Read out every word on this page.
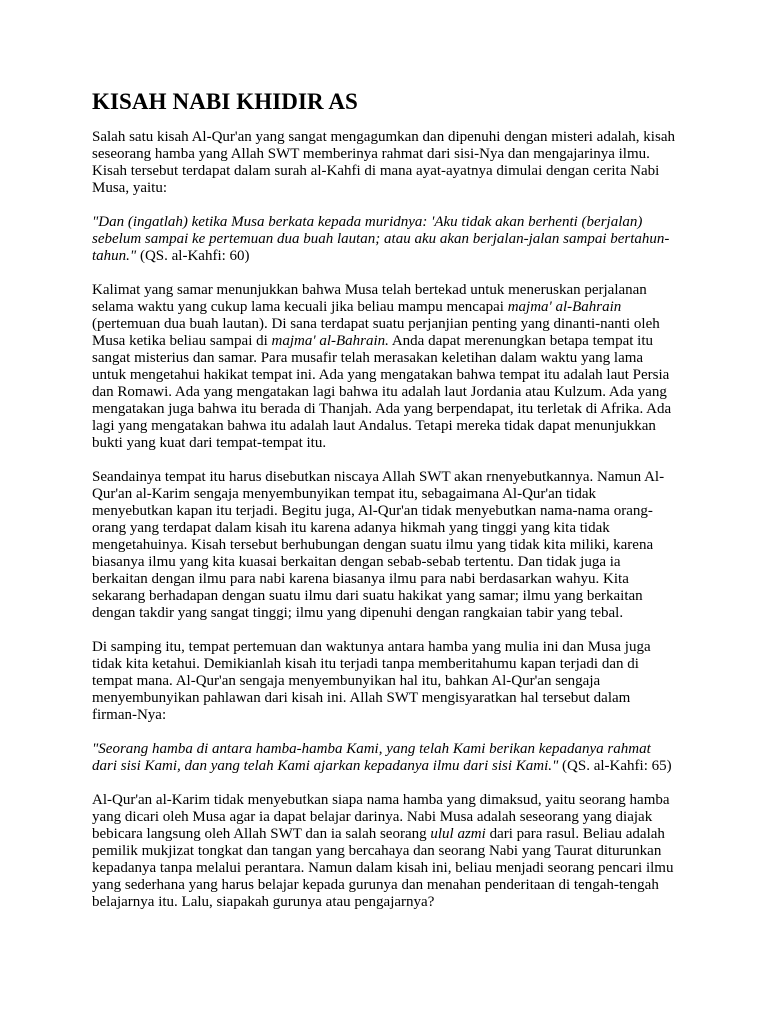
KISAH NABI KHIDIR AS

Salah satu kisah Al-Qur'an yang sangat mengagumkan dan dipenuhi dengan misteri adalah, kisah seseorang hamba yang Allah SWT memberinya rahmat dari sisi-Nya dan mengajarinya ilmu. Kisah tersebut terdapat dalam surah al-Kahfi di mana ayat-ayatnya dimulai dengan cerita Nabi Musa, yaitu:

"Dan (ingatlah) ketika Musa berkata kepada muridnya: 'Aku tidak akan berhenti (berjalan) sebelum sampai ke pertemuan dua buah lautan; atau aku akan berjalan-jalan sampai bertahun-tahun." (QS. al-Kahfi: 60)

Kalimat yang samar menunjukkan bahwa Musa telah bertekad untuk meneruskan perjalanan selama waktu yang cukup lama kecuali jika beliau mampu mencapai majma' al-Bahrain (pertemuan dua buah lautan). Di sana terdapat suatu perjanjian penting yang dinanti-nanti oleh Musa ketika beliau sampai di majma' al-Bahrain. Anda dapat merenungkan betapa tempat itu sangat misterius dan samar. Para musafir telah merasakan keletihan dalam waktu yang lama untuk mengetahui hakikat tempat ini. Ada yang mengatakan bahwa tempat itu adalah laut Persia dan Romawi. Ada yang mengatakan lagi bahwa itu adalah laut Jordania atau Kulzum. Ada yang mengatakan juga bahwa itu berada di Thanjah. Ada yang berpendapat, itu terletak di Afrika. Ada lagi yang mengatakan bahwa itu adalah laut Andalus. Tetapi mereka tidak dapat menunjukkan bukti yang kuat dari tempat-tempat itu.

Seandainya tempat itu harus disebutkan niscaya Allah SWT akan rnenyebutkannya. Namun Al-Qur'an al-Karim sengaja menyembunyikan tempat itu, sebagaimana Al-Qur'an tidak menyebutkan kapan itu terjadi. Begitu juga, Al-Qur'an tidak menyebutkan nama-nama orang-orang yang terdapat dalam kisah itu karena adanya hikmah yang tinggi yang kita tidak mengetahuinya. Kisah tersebut berhubungan dengan suatu ilmu yang tidak kita miliki, karena biasanya ilmu yang kita kuasai berkaitan dengan sebab-sebab tertentu. Dan tidak juga ia berkaitan dengan ilmu para nabi karena biasanya ilmu para nabi berdasarkan wahyu. Kita sekarang berhadapan dengan suatu ilmu dari suatu hakikat yang samar; ilmu yang berkaitan dengan takdir yang sangat tinggi; ilmu yang dipenuhi dengan rangkaian tabir yang tebal.

Di samping itu, tempat pertemuan dan waktunya antara hamba yang mulia ini dan Musa juga tidak kita ketahui. Demikianlah kisah itu terjadi tanpa memberitahumu kapan terjadi dan di tempat mana. Al-Qur'an sengaja menyembunyikan hal itu, bahkan Al-Qur'an sengaja menyembunyikan pahlawan dari kisah ini. Allah SWT mengisyaratkan hal tersebut dalam firman-Nya:

"Seorang hamba di antara hamba-hamba Kami, yang telah Kami berikan kepadanya rahmat dari sisi Kami, dan yang telah Kami ajarkan kepadanya ilmu dari sisi Kami." (QS. al-Kahfi: 65)

Al-Qur'an al-Karim tidak menyebutkan siapa nama hamba yang dimaksud, yaitu seorang hamba yang dicari oleh Musa agar ia dapat belajar darinya. Nabi Musa adalah seseorang yang diajak bebicara langsung oleh Allah SWT dan ia salah seorang ulul azmi dari para rasul. Beliau adalah pemilik mukjizat tongkat dan tangan yang bercahaya dan seorang Nabi yang Taurat diturunkan kepadanya tanpa melalui perantara. Namun dalam kisah ini, beliau menjadi seorang pencari ilmu yang sederhana yang harus belajar kepada gurunya dan menahan penderitaan di tengah-tengah belajarnya itu. Lalu, siapakah gurunya atau pengajarnya?
